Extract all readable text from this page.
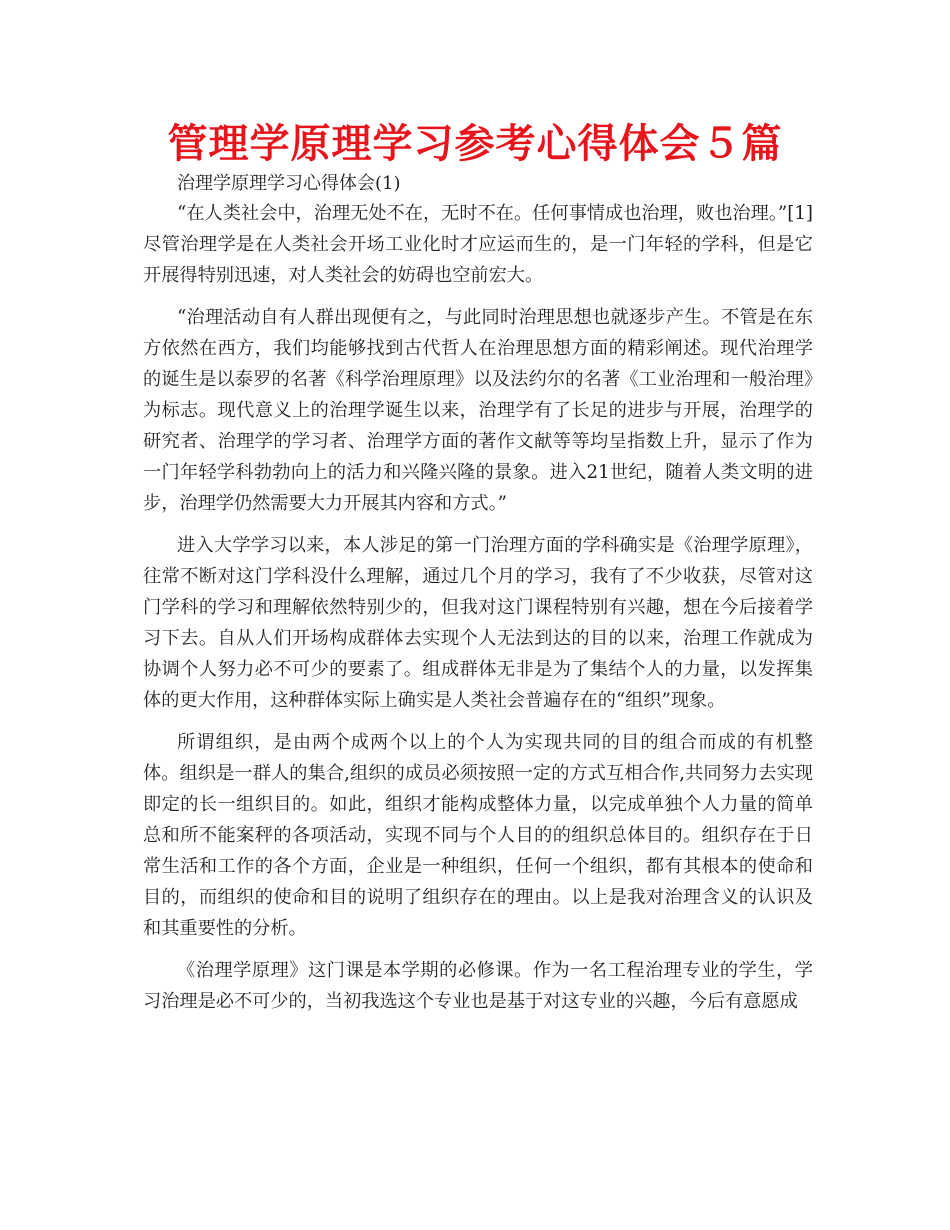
管理学原理学习参考心得体会５篇

治理学原理学习心得体会(1)

“在人类社会中，治理无处不在，无时不在。任何事情成也治理，败也治理。”[1]尽管治理学是在人类社会开场工业化时才应运而生的，是一门年轻的学科，但是它开展得特别迅速，对人类社会的妨碍也空前宏大。

“治理活动自有人群出现便有之，与此同时治理思想也就逐步产生。不管是在东方依然在西方，我们均能够找到古代哲人在治理思想方面的精彩阐述。现代治理学的诞生是以泰罗的名著《科学治理原理》以及法约尔的名著《工业治理和一般治理》为标志。现代意义上的治理学诞生以来，治理学有了长足的进步与开展，治理学的研究者、治理学的学习者、治理学方面的著作文献等等均呈指数上升，显示了作为一门年轻学科勃勃向上的活力和兴隆兴隆的景象。进入21世纪，随着人类文明的进步，治理学仍然需要大力开展其内容和方式。”

进入大学学习以来，本人涉足的第一门治理方面的学科确实是《治理学原理》，往常不断对这门学科没什么理解，通过几个月的学习，我有了不少收获，尽管对这门学科的学习和理解依然特别少的，但我对这门课程特别有兴趣，想在今后接着学习下去。自从人们开场构成群体去实现个人无法到达的目的以来，治理工作就成为协调个人努力必不可少的要素了。组成群体无非是为了集结个人的力量，以发挥集体的更大作用，这种群体实际上确实是人类社会普遍存在的“组织”现象。

所谓组织，是由两个成两个以上的个人为实现共同的目的组合而成的有机整体。组织是一群人的集合,组织的成员必须按照一定的方式互相合作,共同努力去实现即定的长一组织目的。如此，组织才能构成整体力量，以完成单独个人力量的简单总和所不能案秤的各项活动，实现不同与个人目的的组织总体目的。组织存在于日常生活和工作的各个方面，企业是一种组织，任何一个组织，都有其根本的使命和目的，而组织的使命和目的说明了组织存在的理由。以上是我对治理含义的认识及和其重要性的分析。

《治理学原理》这门课是本学期的必修课。作为一名工程治理专业的学生，学习治理是必不可少的，当初我选这个专业也是基于对这专业的兴趣，今后有意愿成
